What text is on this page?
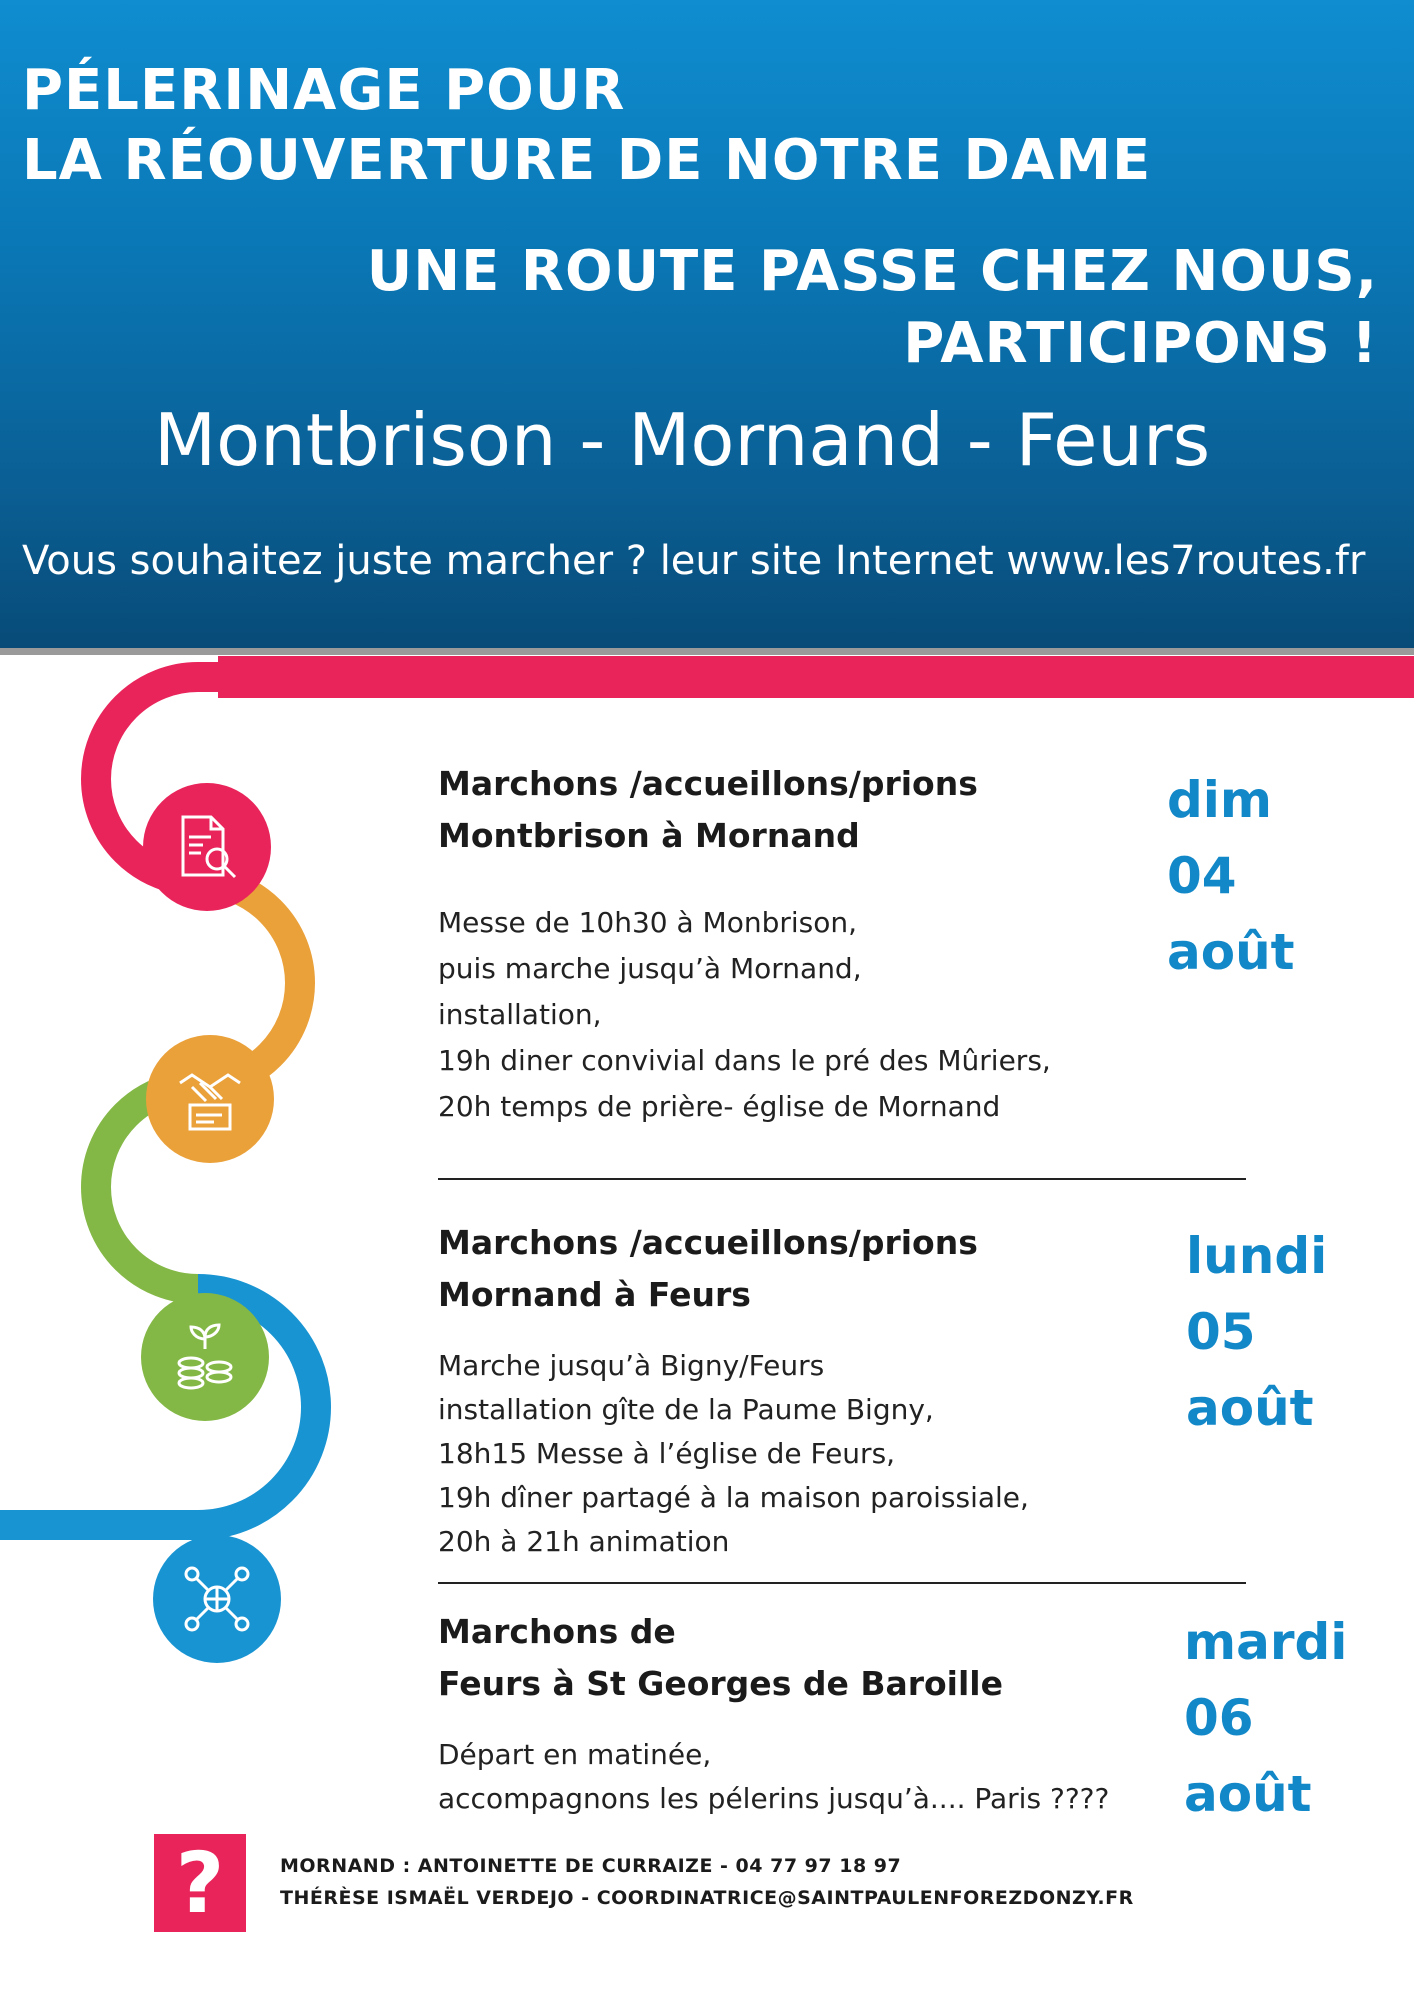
PÉLERINAGE POUR
LA RÉOUVERTURE DE NOTRE DAME
UNE ROUTE PASSE CHEZ NOUS,
PARTICIPONS !
Montbrison - Mornand - Feurs
Vous souhaitez juste marcher ? leur site Internet www.les7routes.fr
Marchons /accueillons/prions
Montbrison à Mornand
Messe de 10h30 à Monbrison,
puis marche jusqu’à Mornand,
installation,
19h diner convivial dans le pré des Mûriers,
20h temps de prière- église de Mornand
dim
04
août
Marchons /accueillons/prions
Mornand à Feurs
Marche jusqu’à Bigny/Feurs
installation gîte de la Paume Bigny,
18h15 Messe à l’église de Feurs,
19h dîner partagé à la maison paroissiale,
20h à 21h animation
lundi
05
août
Marchons de
Feurs à St Georges de Baroille
Départ en matinée,
accompagnons les pélerins jusqu’à.... Paris ????
mardi
06
août
?	MORNAND : ANTOINETTE DE CURRAIZE - 04 77 97 18 97
THÉRÈSE ISMAËL VERDEJO - COORDINATRICE@SAINTPAULENFOREZDONZY.FR
